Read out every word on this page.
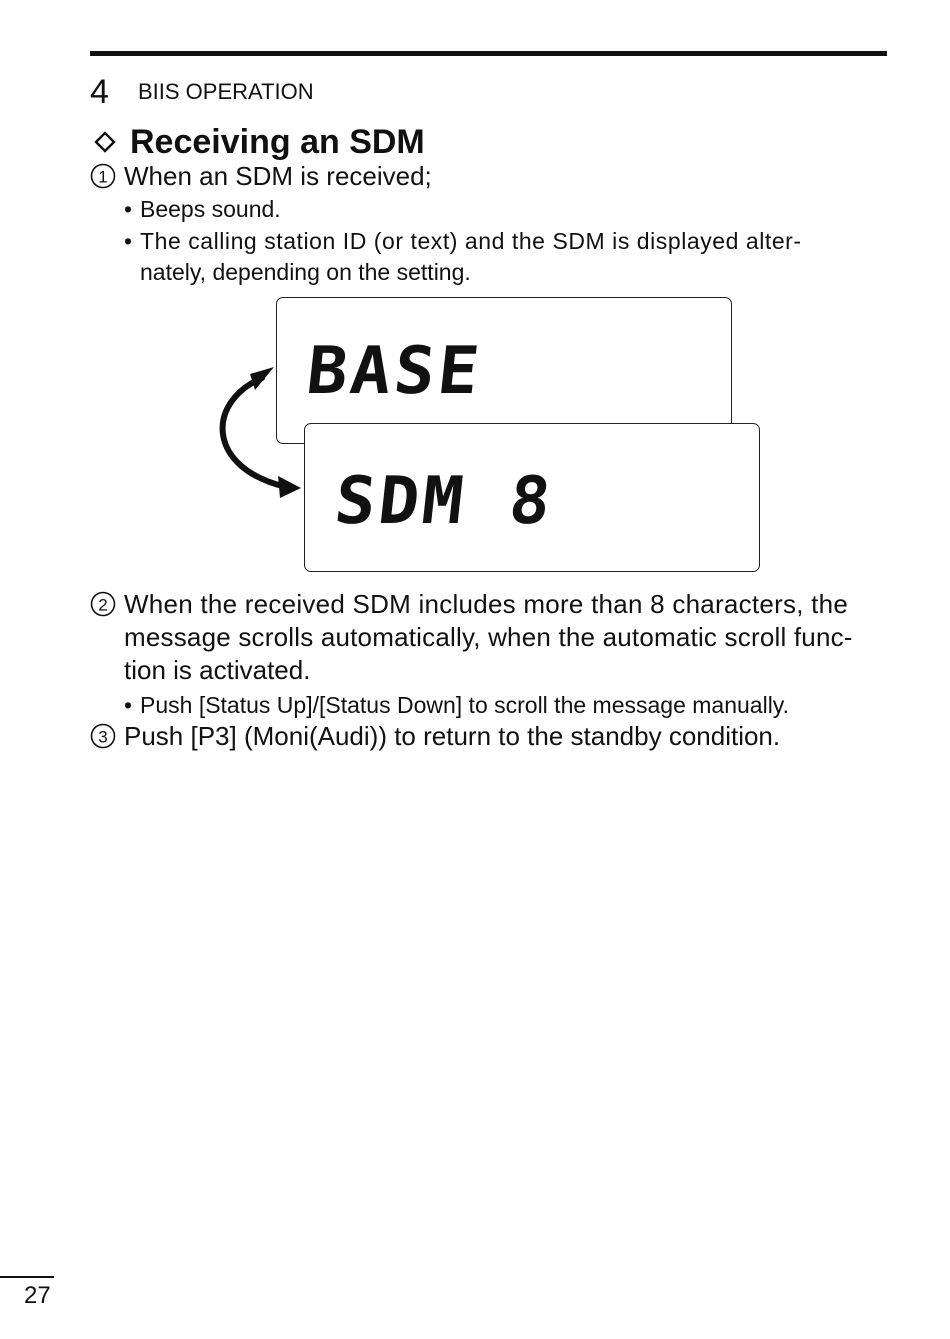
4 BIIS OPERATION
Receiving an SDM
1 When an SDM is received;
• Beeps sound.
• The calling station ID (or text) and the SDM is displayed alter-
nately, depending on the setting.
BASE
SDM 8
2 When the received SDM includes more than 8 characters, the
message scrolls automatically, when the automatic scroll func-
tion is activated.
• Push [Status Up]/[Status Down] to scroll the message manually.
3 Push [P3] (Moni(Audi)) to return to the standby condition.
27
